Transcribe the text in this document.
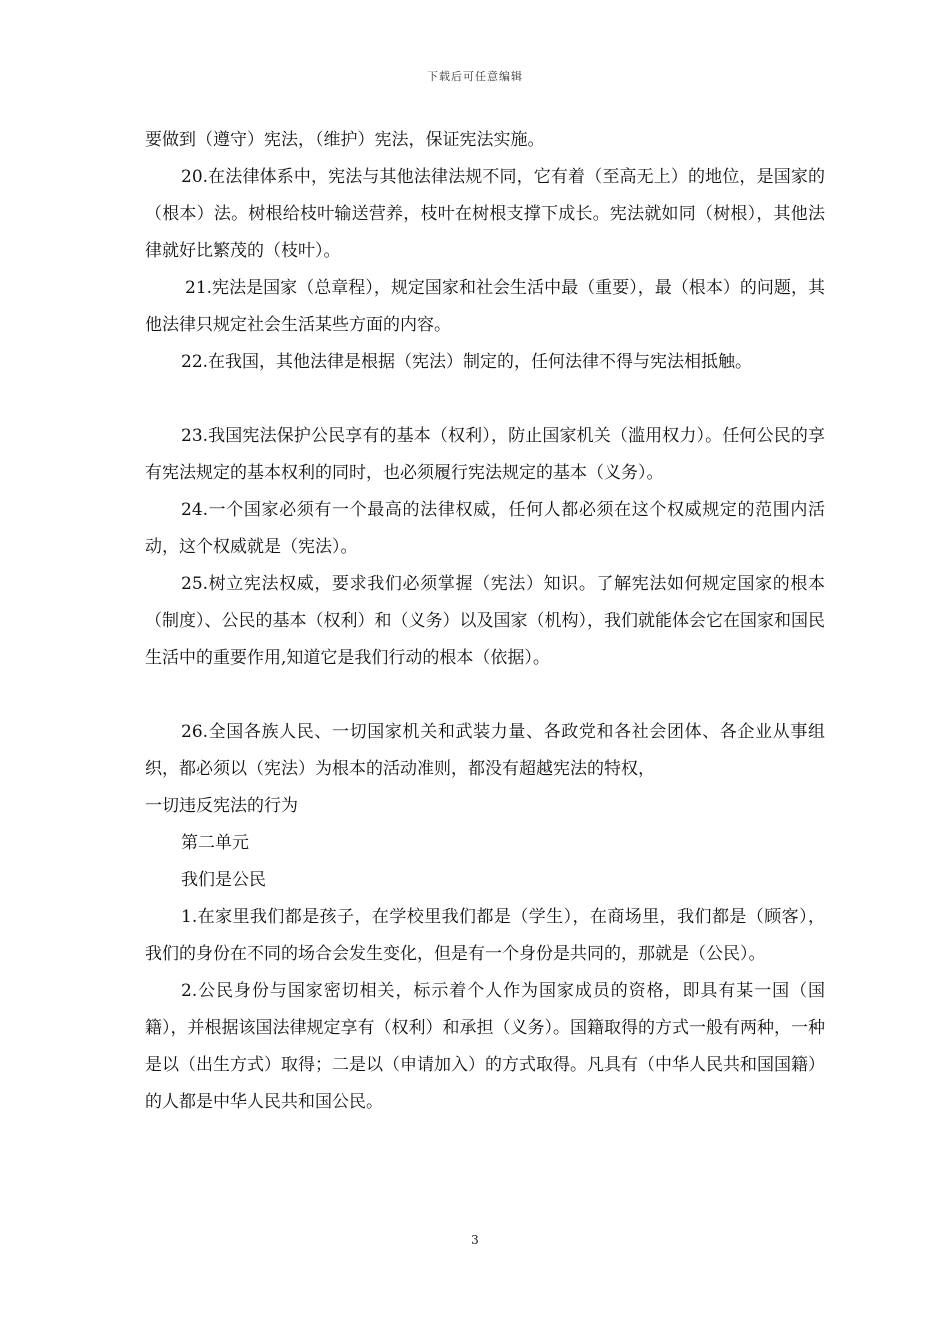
下载后可任意编辑

要做到（遵守）宪法，（维护）宪法，保证宪法实施。

20.在法律体系中，宪法与其他法律法规不同，它有着（至高无上）的地位，是国家的（根本）法。树根给枝叶输送营养，枝叶在树根支撑下成长。宪法就如同（树根），其他法律就好比繁茂的（枝叶）。

21.宪法是国家（总章程），规定国家和社会生活中最（重要），最（根本）的问题，其他法律只规定社会生活某些方面的内容。

22.在我国，其他法律是根据（宪法）制定的，任何法律不得与宪法相抵触。

23.我国宪法保护公民享有的基本（权利），防止国家机关（滥用权力）。任何公民的享有宪法规定的基本权利的同时，也必须履行宪法规定的基本（义务）。

24.一个国家必须有一个最高的法律权威，任何人都必须在这个权威规定的范围内活动，这个权威就是（宪法）。

25.树立宪法权威，要求我们必须掌握（宪法）知识。了解宪法如何规定国家的根本（制度）、公民的基本（权利）和（义务）以及国家（机构），我们就能体会它在国家和国民生活中的重要作用,知道它是我们行动的根本（依据）。

26.全国各族人民、一切国家机关和武装力量、各政党和各社会团体、各企业从事组织，都必须以（宪法）为根本的活动准则，都没有超越宪法的特权，

一切违反宪法的行为

第二单元

我们是公民

1.在家里我们都是孩子，在学校里我们都是（学生），在商场里，我们都是（顾客），我们的身份在不同的场合会发生变化，但是有一个身份是共同的，那就是（公民）。

2.公民身份与国家密切相关，标示着个人作为国家成员的资格，即具有某一国（国籍），并根据该国法律规定享有（权利）和承担（义务）。国籍取得的方式一般有两种，一种是以（出生方式）取得；二是以（申请加入）的方式取得。凡具有（中华人民共和国国籍）的人都是中华人民共和国公民。

3
